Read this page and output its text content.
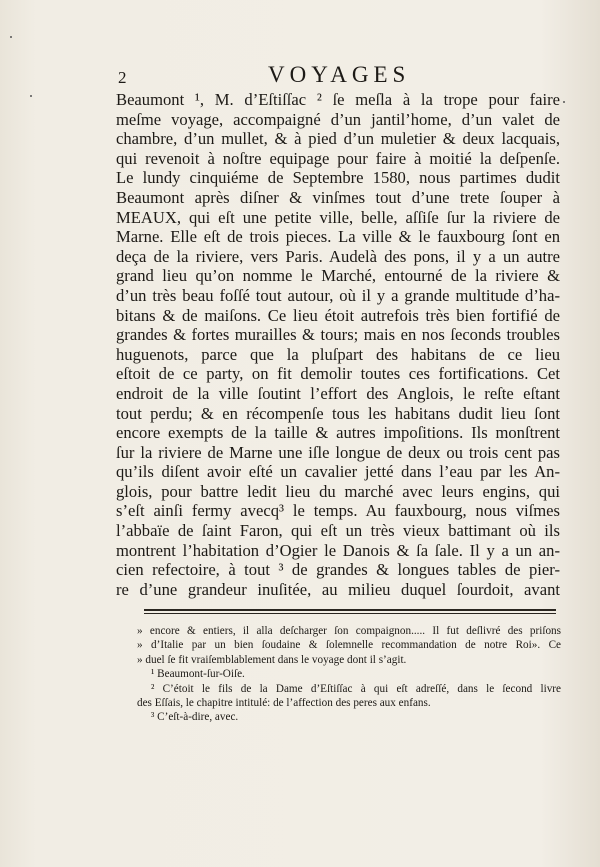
2	VOYAGES
Beaumont ¹, M. d’Eſtiſſac ² ſe meſla à la trope pour faire
meſme voyage, accompaigné d’un jantil’home, d’un valet de
chambre, d’un mullet, & à pied d’un muletier & deux lacquais,
qui revenoit à noſtre equipage pour faire à moitié la deſpenſe.
Le lundy cinquiéme de Septembre 1580, nous partimes dudit
Beaumont après diſner & vinſmes tout d’une trete ſouper à
MEAUX, qui eſt une petite ville, belle, aſſiſe ſur la riviere de
Marne. Elle eſt de trois pieces. La ville & le fauxbourg ſont en
deça de la riviere, vers Paris. Audelà des pons, il y a un autre
grand lieu qu’on nomme le Marché, entourné de la riviere &
d’un très beau foſſé tout autour, où il y a grande multitude d’ha-
bitans & de maiſons. Ce lieu étoit autrefois très bien fortifié de
grandes & fortes murailles & tours; mais en nos ſeconds troubles
huguenots, parce que la pluſpart des habitans de ce lieu
eſtoit de ce party, on fit demolir toutes ces fortifications. Cet
endroit de la ville ſoutint l’effort des Anglois, le reſte eſtant
tout perdu; & en récompenſe tous les habitans dudit lieu ſont
encore exempts de la taille & autres impoſitions. Ils monſtrent
ſur la riviere de Marne une iſle longue de deux ou trois cent pas
qu’ils diſent avoir eſté un cavalier jetté dans l’eau par les An-
glois, pour battre ledit lieu du marché avec leurs engins, qui
s’eſt ainſi fermy avecq³ le temps. Au fauxbourg, nous viſmes
l’abbaïe de ſaint Faron, qui eſt un très vieux battimant où ils
montrent l’habitation d’Ogier le Danois & ſa ſale. Il y a un an-
cien refectoire, à tout ³ de grandes & longues tables de pier-
re d’une grandeur inuſitée, au milieu duquel ſourdoit, avant
» encore & entiers, il alla deſcharger ſon compaignon..... Il fut deſlivré des priſons
» d’Italie par un bien ſoudaine & ſolemnelle recommandation de notre Roi». Ce
» duel ſe fit vraiſemblablement dans le voyage dont il s’agit.
¹ Beaumont-ſur-Oiſe.
² C’étoit le fils de la Dame d’Eſtiſſac à qui eſt adreſſé, dans le ſecond livre
des Eſſais, le chapitre intitulé: de l’affection des peres aux enfans.
³ C’eſt-à-dire, avec.
